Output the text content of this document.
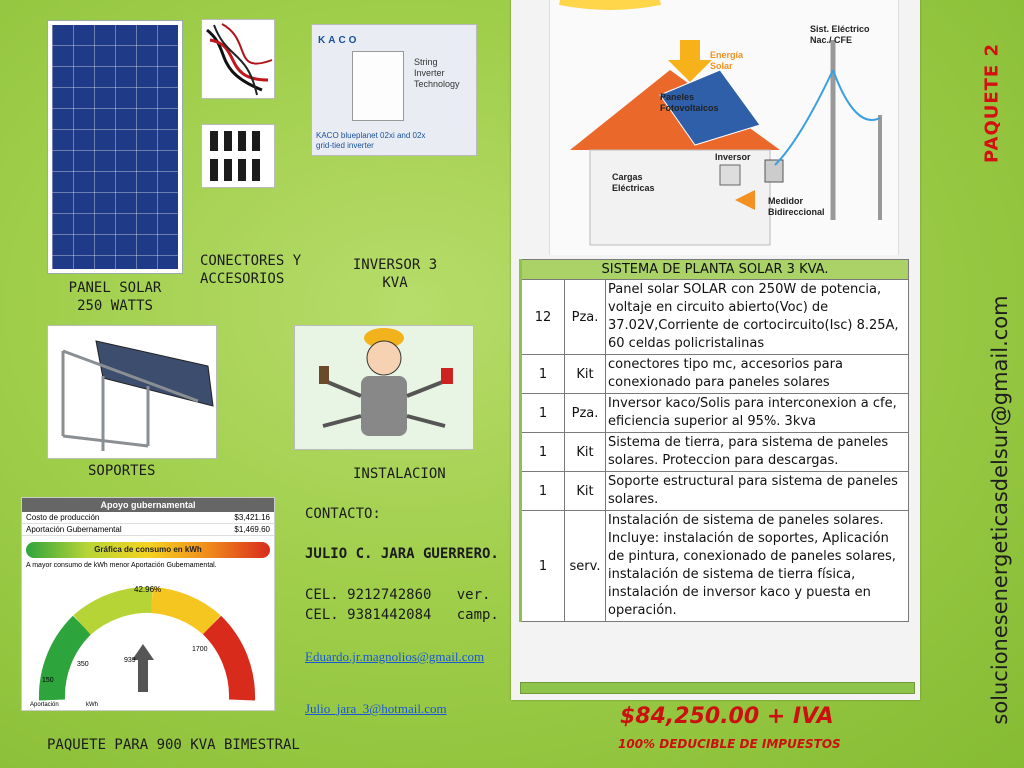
PANEL SOLAR
250 WATTS
CONECTORES Y
ACCESORIOS
KACO
String
Inverter
Technology
KACO blueplanet 02xi and 02x
grid-tied inverter
INVERSOR 3
KVA
SOPORTES	INSTALACION
Apoyo gubernamental
Costo de producción	$3,421.16
Aportación Gubernamental	$1,469.60
Gráfica de consumo en kWh
A mayor consumo de kWh menor Aportación Gubernamental.
42.96%
150
350
939
1700
Aportación	kWh
PAQUETE PARA 900 KVA BIMESTRAL
CONTACTO:
JULIO C. JARA GUERRERO.
CEL. 9212742860   ver.
CEL. 9381442084   camp.
Eduardo.jr.magnolios@gmail.com
Julio_jara_3@hotmail.com
Energía Solar
Sist. Eléctrico Nac./ CFE
Paneles Fotovoltaicos
Inversor
Cargas Eléctricas
Medidor Bidireccional
SISTEMA DE PLANTA SOLAR 3 KVA.		
12	Pza.	Panel solar SOLAR con 250W de potencia, voltaje en circuito abierto(Voc) de 37.02V,Corriente de cortocircuito(Isc) 8.25A, 60 celdas policristalinas
1	Kit	conectores tipo mc, accesorios para conexionado para paneles solares
1	Pza.	Inversor kaco/Solis para interconexion a cfe, eficiencia superior al 95%. 3kva
1	Kit	Sistema de tierra, para sistema de paneles solares. Proteccion para descargas.
1	Kit	Soporte estructural para sistema de paneles solares.
1	serv.	Instalación de sistema de paneles solares. Incluye: instalación de soportes, Aplicación de pintura, conexionado de paneles solares, instalación de sistema de tierra física, instalación de inversor kaco y puesta en operación.
$84,250.00 + IVA
100% DEDUCIBLE DE IMPUESTOS
PAQUETE 2
solucionesenergeticasdelsur@gmail.com
